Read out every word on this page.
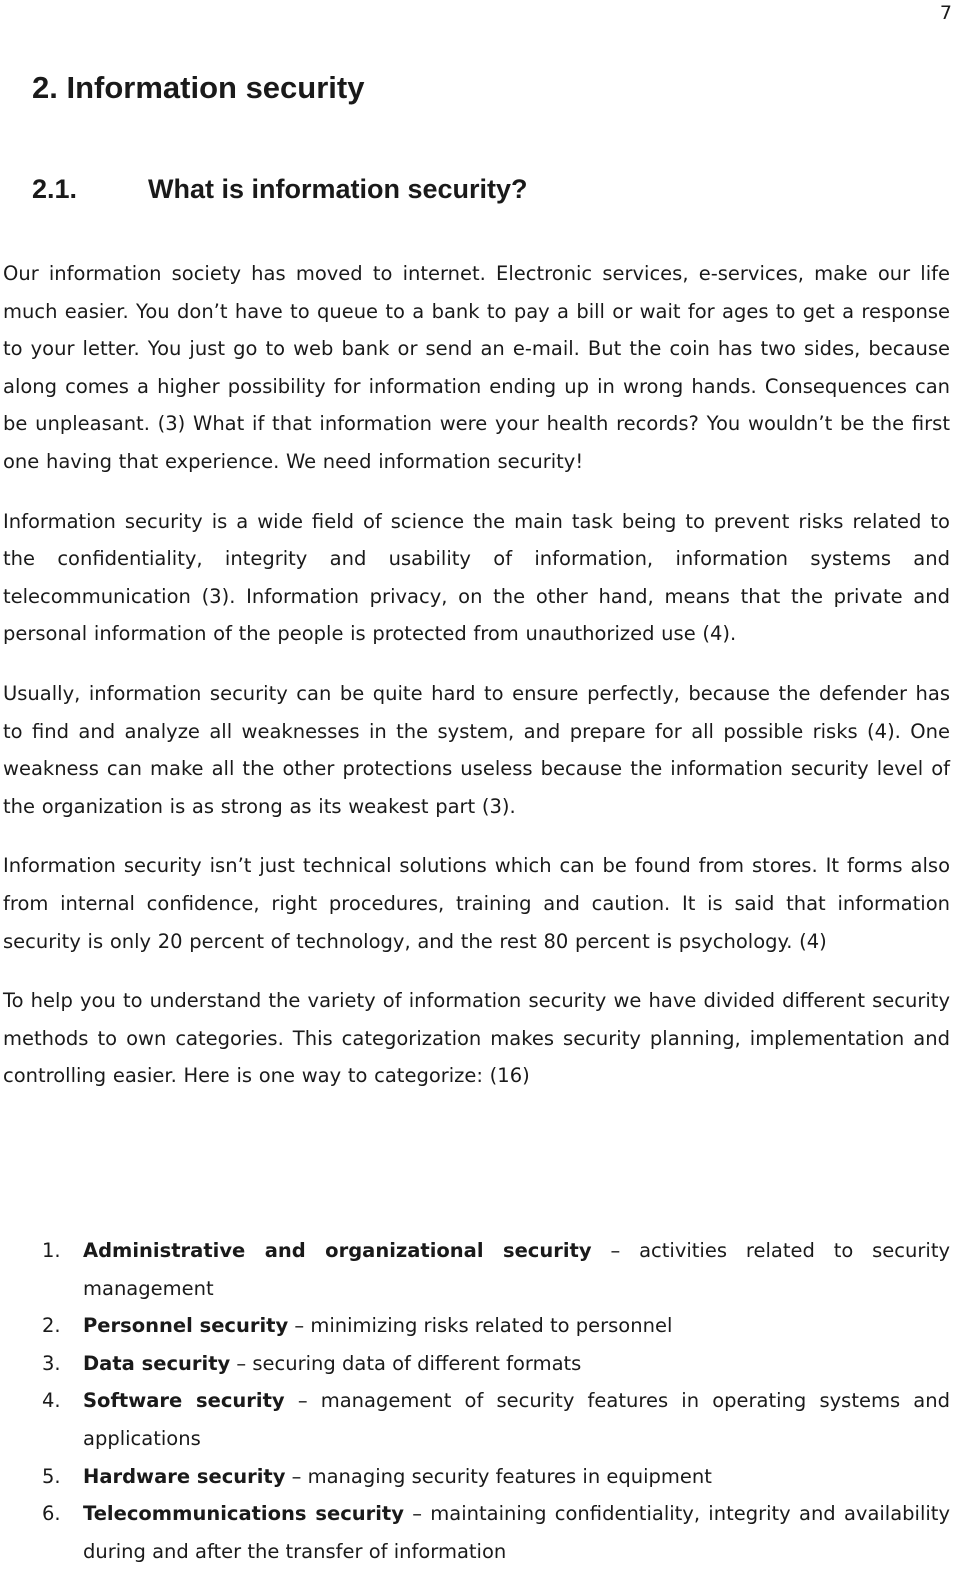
7
2. Information security
2.1.	What is information security?

Our information society has moved to internet. Electronic services, e-services, make our life much easier. You don’t have to queue to a bank to pay a bill or wait for ages to get a response to your letter. You just go to web bank or send an e-mail. But the coin has two sides, because along comes a higher possibility for information ending up in wrong hands. Consequences can be unpleasant. (3) What if that information were your health records? You wouldn’t be the first one having that experience. We need information security!

Information security is a wide field of science the main task being to prevent risks related to the confidentiality, integrity and usability of information, information systems and telecommunication (3). Information privacy, on the other hand, means that the private and personal information of the people is protected from unauthorized use (4).

Usually, information security can be quite hard to ensure perfectly, because the defender has to find and analyze all weaknesses in the system, and prepare for all possible risks (4). One weakness can make all the other protections useless because the information security level of the organization is as strong as its weakest part (3).

Information security isn’t just technical solutions which can be found from stores. It forms also from internal confidence, right procedures, training and caution. It is said that information security is only 20 percent of technology, and the rest 80 percent is psychology. (4)

To help you to understand the variety of information security we have divided different security methods to own categories. This categorization makes security planning, implementation and controlling easier. Here is one way to categorize: (16)

1. Administrative and organizational security – activities related to security management
2. Personnel security – minimizing risks related to personnel
3. Data security – securing data of different formats
4. Software security – management of security features in operating systems and applications
5. Hardware security – managing security features in equipment
6. Telecommunications security – maintaining confidentiality, integrity and availability during and after the transfer of information
